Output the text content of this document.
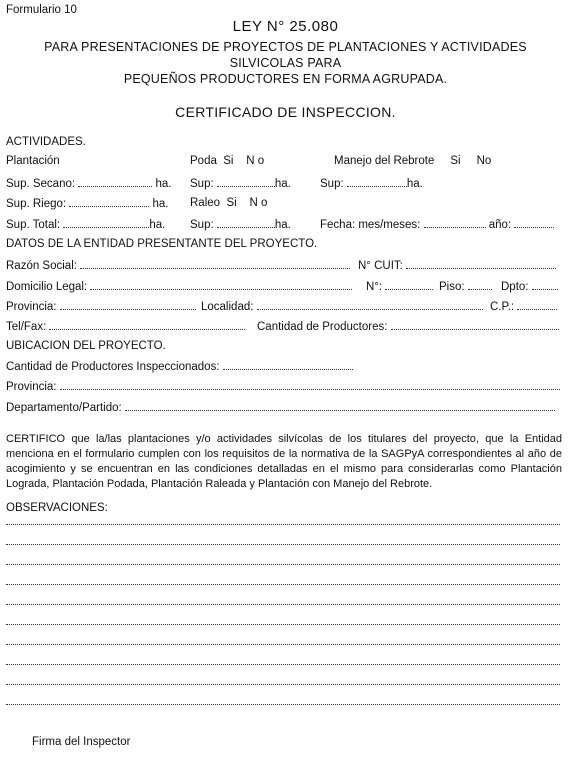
Formulario 10
LEY N° 25.080
PARA PRESENTACIONES DE PROYECTOS DE PLANTACIONES Y ACTIVIDADES
SILVICOLAS PARA
PEQUEÑOS PRODUCTORES EN FORMA AGRUPADA.
CERTIFICADO DE INSPECCION.
ACTIVIDADES.
Plantación	Poda Si N o	Manejo del Rebrote Si No
Sup. Secano:	ha. Sup:	ha.	Sup:	ha.
Sup. Riego:	ha. Raleo Si N o
Sup. Total:	ha. Sup:	ha.	Fecha: mes/meses:	año:
DATOS DE LA ENTIDAD PRESENTANTE DEL PROYECTO.
Razón Social:	N° CUIT:
Domicilio Legal:	N°:	Piso:	Dpto:
Provincia:	Localidad:	C.P.:
Tel/Fax:	Cantidad de Productores:
UBICACION DEL PROYECTO.
Cantidad de Productores Inspeccionados:
Provincia:
Departamento/Partido:
CERTIFICO que la/las plantaciones y/o actividades silvícolas de los titulares del proyecto, que la Entidad menciona en el formulario cumplen con los requisitos de la normativa de la SAGPyA correspondientes al año de acogimiento y se encuentran en las condiciones detalladas en el mismo para considerarlas como Plantación Lograda, Plantación Podada, Plantación Raleada y Plantación con Manejo del Rebrote.
OBSERVACIONES:
Firma del Inspector
